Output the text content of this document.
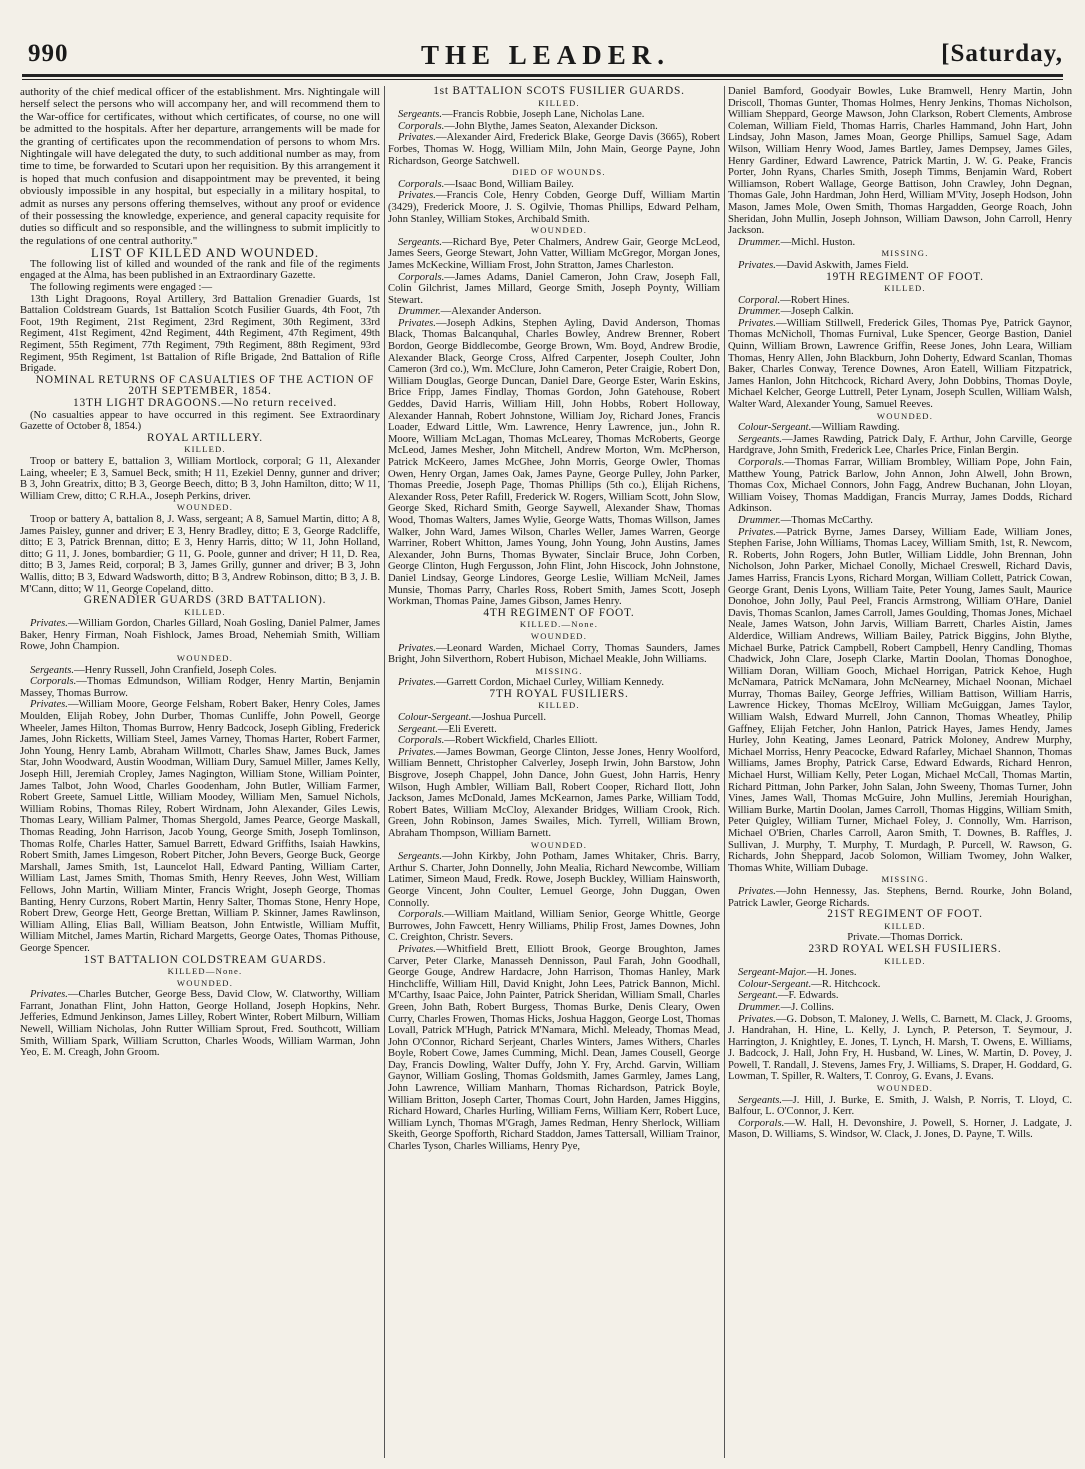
990	THE LEADER.	[Saturday,

authority of the chief medical officer of the establishment. Mrs. Nightingale will herself select the persons who will accompany her, and will recommend them to the War-office for certificates, without which certificates, of course, no one will be admitted to the hospitals. After her departure, arrangements will be made for the granting of certificates upon the recommendation of persons to whom Mrs. Nightingale will have delegated the duty, to such additional number as may, from time to time, be forwarded to Scutari upon her requisition. By this arrangement it is hoped that much confusion and disappointment may be prevented, it being obviously impossible in any hospital, but especially in a military hospital, to admit as nurses any persons offering themselves, without any proof or evidence of their possessing the knowledge, experience, and general capacity requisite for duties so difficult and so responsible, and the willingness to submit implicitly to the regulations of one central authority."

LIST OF KILLED AND WOUNDED.

The following list of killed and wounded of the rank and file of the regiments engaged at the Alma, has been published in an Extraordinary Gazette.

The following regiments were engaged :—

13th Light Dragoons, Royal Artillery, 3rd Battalion Grenadier Guards, 1st Battalion Coldstream Guards, 1st Battalion Scotch Fusilier Guards, 4th Foot, 7th Foot, 19th Regiment, 21st Regiment, 23rd Regiment, 30th Regiment, 33rd Regiment, 41st Regiment, 42nd Regiment, 44th Regiment, 47th Regiment, 49th Regiment, 55th Regiment, 77th Regiment, 79th Regiment, 88th Regiment, 93rd Regiment, 95th Regiment, 1st Battalion of Rifle Brigade, 2nd Battalion of Rifle Brigade.

NOMINAL RETURNS OF CASUALTIES OF THE ACTION OF 20TH SEPTEMBER, 1854.

13TH LIGHT DRAGOONS.—No return received.

(No casualties appear to have occurred in this regiment. See Extraordinary Gazette of October 8, 1854.)

ROYAL ARTILLERY.

KILLED.

Troop or battery E, battalion 3, William Mortlock, corporal; G 11, Alexander Laing, wheeler; E 3, Samuel Beck, smith; H 11, Ezekiel Denny, gunner and driver; B 3, John Greatrix, ditto; B 3, George Beech, ditto; B 3, John Hamilton, ditto; W 11, William Crew, ditto; C R.H.A., Joseph Perkins, driver.

WOUNDED.

Troop or battery A, battalion 8, J. Wass, sergeant; A 8, Samuel Martin, ditto; A 8, James Paisley, gunner and driver; E 3, Henry Bradley, ditto; E 3, George Radcliffe, ditto; E 3, Patrick Brennan, ditto; E 3, Henry Harris, ditto; W 11, John Holland, ditto; G 11, J. Jones, bombardier; G 11, G. Poole, gunner and driver; H 11, D. Rea, ditto; B 3, James Reid, corporal; B 3, James Grilly, gunner and driver; B 3, John Wallis, ditto; B 3, Edward Wadsworth, ditto; B 3, Andrew Robinson, ditto; B 3, J. B. M'Cann, ditto; W 11, George Copeland, ditto.

GRENADIER GUARDS (3RD BATTALION).

KILLED.

Privates.—William Gordon, Charles Gillard, Noah Gosling, Daniel Palmer, James Baker, Henry Firman, Noah Fishlock, James Broad, Nehemiah Smith, William Rowe, John Champion.

WOUNDED.

Sergeants.—Henry Russell, John Cranfield, Joseph Coles.

Corporals.—Thomas Edmundson, William Rodger, Henry Martin, Benjamin Massey, Thomas Burrow.

Privates.—William Moore, George Felsham, Robert Baker, Henry Coles, James Moulden, Elijah Robey, John Durber, Thomas Cunliffe, John Powell, George Wheeler, James Hilton, Thomas Burrow, Henry Badcock, Joseph Gibling, Frederick James, John Ricketts, William Steel, James Varney, Thomas Harter, Robert Farmer, John Young, Henry Lamb, Abraham Willmott, Charles Shaw, James Buck, James Star, John Woodward, Austin Woodman, William Dury, Samuel Miller, James Kelly, Joseph Hill, Jeremiah Cropley, James Nagington, William Stone, William Pointer, James Talbot, John Wood, Charles Goodenham, John Butler, William Farmer, Robert Greete, Samuel Little, William Moodey, William Men, Samuel Nichols, William Robins, Thomas Riley, Robert Wirdnam, John Alexander, Giles Lewis, Thomas Leary, William Palmer, Thomas Shergold, James Pearce, George Maskall, Thomas Reading, John Harrison, Jacob Young, George Smith, Joseph Tomlinson, Thomas Rolfe, Charles Hatter, Samuel Barrett, Edward Griffiths, Isaiah Hawkins, Robert Smith, James Limgeson, Robert Pitcher, John Bevers, George Buck, George Marshall, James Smith, 1st, Launcelot Hall, Edward Panting, William Carter, William Last, James Smith, Thomas Smith, Henry Reeves, John West, William Fellows, John Martin, William Minter, Francis Wright, Joseph George, Thomas Banting, Henry Curzons, Robert Martin, Henry Salter, Thomas Stone, Henry Hope, Robert Drew, George Hett, George Brettan, William P. Skinner, James Rawlinson, William Alling, Elias Ball, William Beatson, John Entwistle, William Muffit, William Mitchel, James Martin, Richard Margetts, George Oates, Thomas Pithouse, George Spencer.

1ST BATTALION COLDSTREAM GUARDS.

KILLED—None.

WOUNDED.

Privates.—Charles Butcher, George Bess, David Clow, W. Clatworthy, William Farrant, Jonathan Flint, John Hatton, George Holland, Joseph Hopkins, Nehr. Jefferies, Edmund Jenkinson, James Lilley, Robert Winter, Robert Milburn, William Newell, William Nicholas, John Rutter William Sprout, Fred. Southcott, William Smith, William Spark, William Scrutton, Charles Woods, William Warman, John Yeo, E. M. Creagh, John Groom.

1st BATTALION SCOTS FUSILIER GUARDS.

KILLED.

Sergeants.—Francis Robbie, Joseph Lane, Nicholas Lane.

Corporals.—John Blythe, James Seaton, Alexander Dickson.

Privates.—Alexander Aird, Frederick Blake, George Davis (3665), Robert Forbes, Thomas W. Hogg, William Miln, John Main, George Payne, John Richardson, George Satchwell.

DIED OF WOUNDS.

Corporals.—Isaac Bond, William Bailey.

Privates.—Francis Cole, Henry Cobden, George Duff, William Martin (3429), Frederick Moore, J. S. Ogilvie, Thomas Phillips, Edward Pelham, John Stanley, William Stokes, Archibald Smith.

WOUNDED.

Sergeants.—Richard Bye, Peter Chalmers, Andrew Gair, George McLeod, James Seers, George Stewart, John Vatter, William McGregor, Morgan Jones, James McKeckine, William Frost, John Stratton, James Charleston.

Corporals.—James Adams, Daniel Cameron, John Craw, Joseph Fall, Colin Gilchrist, James Millard, George Smith, Joseph Poynty, William Stewart.

Drummer.—Alexander Anderson.

Privates.—Joseph Adkins, Stephen Ayling, David Anderson, Thomas Black, Thomas Balcanquhal, Charles Bowley, Andrew Brenner, Robert Bordon, George Biddlecombe, George Brown, Wm. Boyd, Andrew Brodie, Alexander Black, George Cross, Alfred Carpenter, Joseph Coulter, John Cameron (3rd co.), Wm. McClure, John Cameron, Peter Craigie, Robert Don, William Douglas, George Duncan, Daniel Dare, George Ester, Warin Eskins, Brice Fripp, James Findlay, Thomas Gordon, John Gatehouse, Robert Geddes, David Harris, William Hill, John Hobbs, Robert Holloway, Alexander Hannah, Robert Johnstone, William Joy, Richard Jones, Francis Loader, Edward Little, Wm. Lawrence, Henry Lawrence, jun., John R. Moore, William McLagan, Thomas McLearey, Thomas McRoberts, George McLeod, James Mesher, John Mitchell, Andrew Morton, Wm. McPherson, Patrick McKeero, James McGhee, John Morris, George Owler, Thomas Owen, Henry Organ, James Oak, James Payne, George Pulley, John Parker, Thomas Preedie, Joseph Page, Thomas Phillips (5th co.), Elijah Richens, Alexander Ross, Peter Rafill, Frederick W. Rogers, William Scott, John Slow, George Sked, Richard Smith, George Saywell, Alexander Shaw, Thomas Wood, Thomas Walters, James Wylie, George Watts, Thomas Willson, James Walker, John Ward, James Wilson, Charles Weller, James Warren, George Warriner, Robert Whitton, James Young, John Young, John Austins, James Alexander, John Burns, Thomas Bywater, Sinclair Bruce, John Corben, George Clinton, Hugh Fergusson, John Flint, John Hiscock, John Johnstone, Daniel Lindsay, George Lindores, George Leslie, William McNeil, James Munsie, Thomas Parry, Charles Ross, Robert Smith, James Scott, Joseph Workman, Thomas Paine, James Gibson, James Henry.

4TH REGIMENT OF FOOT.

KILLED.—None.

WOUNDED.

Privates.—Leonard Warden, Michael Corry, Thomas Saunders, James Bright, John Silverthorn, Robert Hubison, Michael Meakle, John Williams.

MISSING.

Privates.—Garrett Cordon, Michael Curley, William Kennedy.

7TH ROYAL FUSILIERS.

KILLED.

Colour-Sergeant.—Joshua Purcell.

Sergeant.—Eli Everett.

Corporals.—Robert Wickfield, Charles Elliott.

Privates.—James Bowman, George Clinton, Jesse Jones, Henry Woolford, William Bennett, Christopher Calverley, Joseph Irwin, John Barstow, John Bisgrove, Joseph Chappel, John Dance, John Guest, John Harris, Henry Wilson, Hugh Ambler, William Ball, Robert Cooper, Richard Ilott, John Jackson, James McDonald, James McKearnon, James Parke, William Todd, Robert Bates, William McCloy, Alexander Bridges, William Crook, Rich. Green, John Robinson, James Swailes, Mich. Tyrrell, William Brown, Abraham Thompson, William Barnett.

WOUNDED.

Sergeants.—John Kirkby, John Potham, James Whitaker, Chris. Barry, Arthur S. Charter, John Donnelly, John Mealia, Richard Newcombe, William Latimer, Simeon Maud, Fredk. Rowe, Joseph Buckley, William Hainsworth, George Vincent, John Coulter, Lemuel George, John Duggan, Owen Connolly.

Corporals.—William Maitland, William Senior, George Whittle, George Burrowes, John Fawcett, Henry Williams, Philip Frost, James Downes, John C. Creighton, Christr. Severs.

Privates.—Whitfield Brett, Elliott Brook, George Broughton, James Carver, Peter Clarke, Manasseh Dennisson, Paul Farah, John Goodhall, George Gouge, Andrew Hardacre, John Harrison, Thomas Hanley, Mark Hinchcliffe, William Hill, David Knight, John Lees, Patrick Bannon, Michl. M'Carthy, Isaac Paice, John Painter, Patrick Sheridan, William Small, Charles Green, John Bath, Robert Burgess, Thomas Burke, Denis Cleary, Owen Curry, Charles Frowen, Thomas Hicks, Joshua Haggon, George Lost, Thomas Lovall, Patrick M'Hugh, Patrick M'Namara, Michl. Meleady, Thomas Mead, John O'Connor, Richard Serjeant, Charles Winters, James Withers, Charles Boyle, Robert Cowe, James Cumming, Michl. Dean, James Cousell, George Day, Francis Dowling, Walter Duffy, John Y. Fry, Archd. Garvin, William Gaynor, William Gosling, Thomas Goldsmith, James Garmley, James Lang, John Lawrence, William Manharn, Thomas Richardson, Patrick Boyle, William Britton, Joseph Carter, Thomas Court, John Harden, James Higgins, Richard Howard, Charles Hurling, William Ferns, William Kerr, Robert Luce, William Lynch, Thomas M'Gragh, James Redman, Henry Sherlock, William Skeith, George Spofforth, Richard Staddon, James Tattersall, William Trainor, Charles Tyson, Charles Williams, Henry Pye,

Daniel Bamford, Goodyair Bowles, Luke Bramwell, Henry Martin, John Driscoll, Thomas Gunter, Thomas Holmes, Henry Jenkins, Thomas Nicholson, William Sheppard, George Mawson, John Clarkson, Robert Clements, Ambrose Coleman, William Field, Thomas Harris, Charles Hammand, John Hart, John Lindsay, John Mason, James Moan, George Phillips, Samuel Sage, Adam Wilson, William Henry Wood, James Bartley, James Dempsey, James Giles, Henry Gardiner, Edward Lawrence, Patrick Martin, J. W. G. Peake, Francis Porter, John Ryans, Charles Smith, Joseph Timms, Benjamin Ward, Robert Williamson, Robert Wallage, George Battison, John Crawley, John Degnan, Thomas Gale, John Hardman, John Herd, William M'Vity, Joseph Hodson, John Mason, James Mole, Owen Smith, Thomas Hargadden, George Roach, John Sheridan, John Mullin, Joseph Johnson, William Dawson, John Carroll, Henry Jackson.

Drummer.—Michl. Huston.

MISSING.

Privates.—David Askwith, James Field.

19TH REGIMENT OF FOOT.

KILLED.

Corporal.—Robert Hines.

Drummer.—Joseph Calkin.

Privates.—William Stillwell, Frederick Giles, Thomas Pye, Patrick Gaynor, Thomas McNicholl, Thomas Furnival, Luke Spencer, George Bastion, Daniel Quinn, William Brown, Lawrence Griffin, Reese Jones, John Leara, William Thomas, Henry Allen, John Blackburn, John Doherty, Edward Scanlan, Thomas Baker, Charles Conway, Terence Downes, Aron Eatell, William Fitzpatrick, James Hanlon, John Hitchcock, Richard Avery, John Dobbins, Thomas Doyle, Michael Kelcher, George Luttrell, Peter Lynam, Joseph Scullen, William Walsh, Walter Ward, Alexander Young, Samuel Reeves.

WOUNDED.

Colour-Sergeant.—William Rawding.

Sergeants.—James Rawding, Patrick Daly, F. Arthur, John Carville, George Hardgrave, John Smith, Frederick Lee, Charles Price, Finlan Bergin.

Corporals.—Thomas Farrar, William Brombley, William Pope, John Fain, Matthew Young, Patrick Barlow, John Annon, John Alwell, John Brown, Thomas Cox, Michael Connors, John Fagg, Andrew Buchanan, John Lloyan, William Voisey, Thomas Maddigan, Francis Murray, James Dodds, Richard Adkinson.

Drummer.—Thomas McCarthy.

Privates.—Patrick Byrne, James Darsey, William Eade, William Jones, Stephen Farise, John Williams, Thomas Lacey, William Smith, 1st, R. Newcom, R. Roberts, John Rogers, John Butler, William Liddle, John Brennan, John Nicholson, John Parker, Michael Conolly, Michael Creswell, Richard Davis, James Harriss, Francis Lyons, Richard Morgan, William Collett, Patrick Cowan, George Grant, Denis Lyons, William Taite, Peter Young, James Sault, Maurice Donohoe, John Jolly, Paul Peel, Francis Armstrong, William O'Hare, Daniel Davis, Thomas Scanlon, James Carroll, James Goulding, Thomas Jones, Michael Neale, James Watson, John Jarvis, William Barrett, Charles Aistin, James Alderdice, William Andrews, William Bailey, Patrick Biggins, John Blythe, Michael Burke, Patrick Campbell, Robert Campbell, Henry Candling, Thomas Chadwick, John Clare, Joseph Clarke, Martin Doolan, Thomas Donoghoe, William Doran, William Gooch, Michael Horrigan, Patrick Kehoe, Hugh McNamara, Patrick McNamara, John McNearney, Michael Noonan, Michael Murray, Thomas Bailey, George Jeffries, William Battison, William Harris, Lawrence Hickey, Thomas McElroy, William McGuiggan, James Taylor, William Walsh, Edward Murrell, John Cannon, Thomas Wheatley, Philip Gaffney, Elijah Fetcher, John Hanlon, Patrick Hayes, James Hendy, James Hurley, John Keating, James Leonard, Patrick Moloney, Andrew Murphy, Michael Morriss, Henry Peacocke, Edward Rafarley, Michael Shannon, Thomas Williams, James Brophy, Patrick Carse, Edward Edwards, Richard Henron, Michael Hurst, William Kelly, Peter Logan, Michael McCall, Thomas Martin, Richard Pittman, John Parker, John Salan, John Sweeny, Thomas Turner, John Vines, James Wall, Thomas McGuire, John Mullins, Jeremiah Hourighan, William Burke, Martin Doolan, James Carroll, Thomas Higgins, William Smith, Peter Quigley, William Turner, Michael Foley, J. Connolly, Wm. Harrison, Michael O'Brien, Charles Carroll, Aaron Smith, T. Downes, B. Raffles, J. Sullivan, J. Murphy, T. Murphy, T. Murdagh, P. Purcell, W. Rawson, G. Richards, John Sheppard, Jacob Solomon, William Twomey, John Walker, Thomas White, William Dubage.

MISSING.

Privates.—John Hennessy, Jas. Stephens, Bernd. Rourke, John Boland, Patrick Lawler, George Richards.

21ST REGIMENT OF FOOT.

KILLED.

Private.—Thomas Dorrick.

23RD ROYAL WELSH FUSILIERS.

KILLED.

Sergeant-Major.—H. Jones.

Colour-Sergeant.—R. Hitchcock.

Sergeant.—F. Edwards.

Drummer.—J. Collins.

Privates.—G. Dobson, T. Maloney, J. Wells, C. Barnett, M. Clack, J. Grooms, J. Handrahan, H. Hine, L. Kelly, J. Lynch, P. Peterson, T. Seymour, J. Harrington, J. Knightley, E. Jones, T. Lynch, H. Marsh, T. Owens, E. Williams, J. Badcock, J. Hall, John Fry, H. Husband, W. Lines, W. Martin, D. Povey, J. Powell, T. Randall, J. Stevens, James Fry, J. Williams, S. Draper, H. Goddard, G. Lowman, T. Spiller, R. Walters, T. Conroy, G. Evans, J. Evans.

WOUNDED.

Sergeants.—J. Hill, J. Burke, E. Smith, J. Walsh, P. Norris, T. Lloyd, C. Balfour, L. O'Connor, J. Kerr.

Corporals.—W. Hall, H. Devonshire, J. Powell, S. Horner, J. Ladgate, J. Mason, D. Williams, S. Windsor, W. Clack, J. Jones, D. Payne, T. Wills.
